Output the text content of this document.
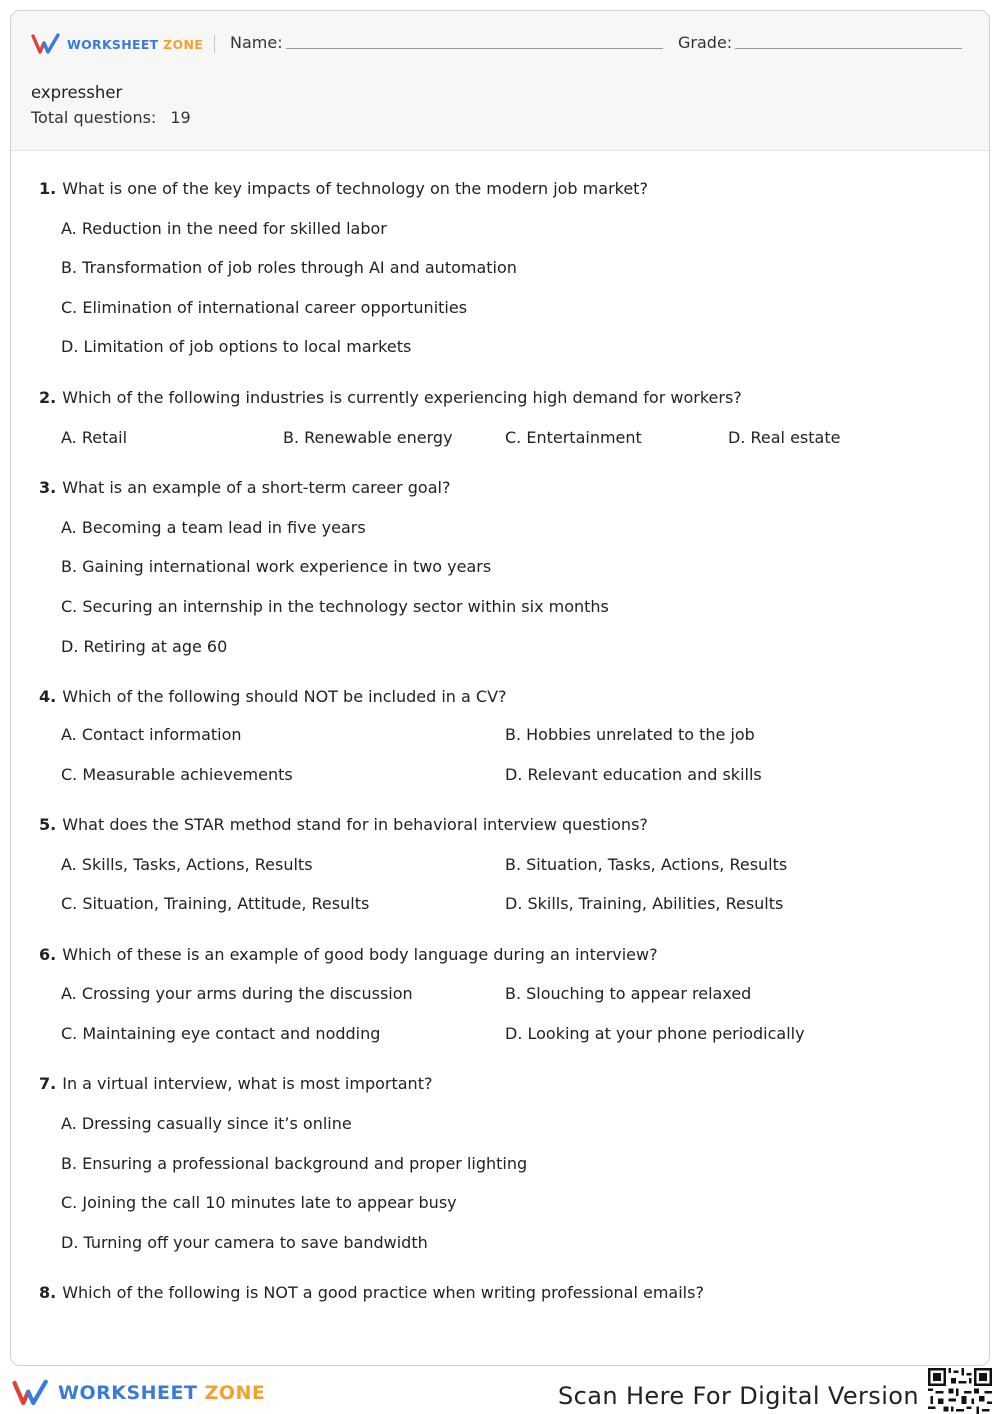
WORKSHEET ZONE Name:	Grade:
expressher
Total questions: 19
1. What is one of the key impacts of technology on the modern job market?
A. Reduction in the need for skilled labor
B. Transformation of job roles through AI and automation
C. Elimination of international career opportunities
D. Limitation of job options to local markets
2. Which of the following industries is currently experiencing high demand for workers?
A. Retail	B. Renewable energy	C. Entertainment	D. Real estate
3. What is an example of a short-term career goal?
A. Becoming a team lead in five years
B. Gaining international work experience in two years
C. Securing an internship in the technology sector within six months
D. Retiring at age 60
4. Which of the following should NOT be included in a CV?
A. Contact information	B. Hobbies unrelated to the job
C. Measurable achievements	D. Relevant education and skills
5. What does the STAR method stand for in behavioral interview questions?
A. Skills, Tasks, Actions, Results	B. Situation, Tasks, Actions, Results
C. Situation, Training, Attitude, Results	D. Skills, Training, Abilities, Results
6. Which of these is an example of good body language during an interview?
A. Crossing your arms during the discussion	B. Slouching to appear relaxed
C. Maintaining eye contact and nodding	D. Looking at your phone periodically
7. In a virtual interview, what is most important?
A. Dressing casually since it’s online
B. Ensuring a professional background and proper lighting
C. Joining the call 10 minutes late to appear busy
D. Turning off your camera to save bandwidth
8. Which of the following is NOT a good practice when writing professional emails?
WORKSHEET ZONE	Scan Here For Digital Version
